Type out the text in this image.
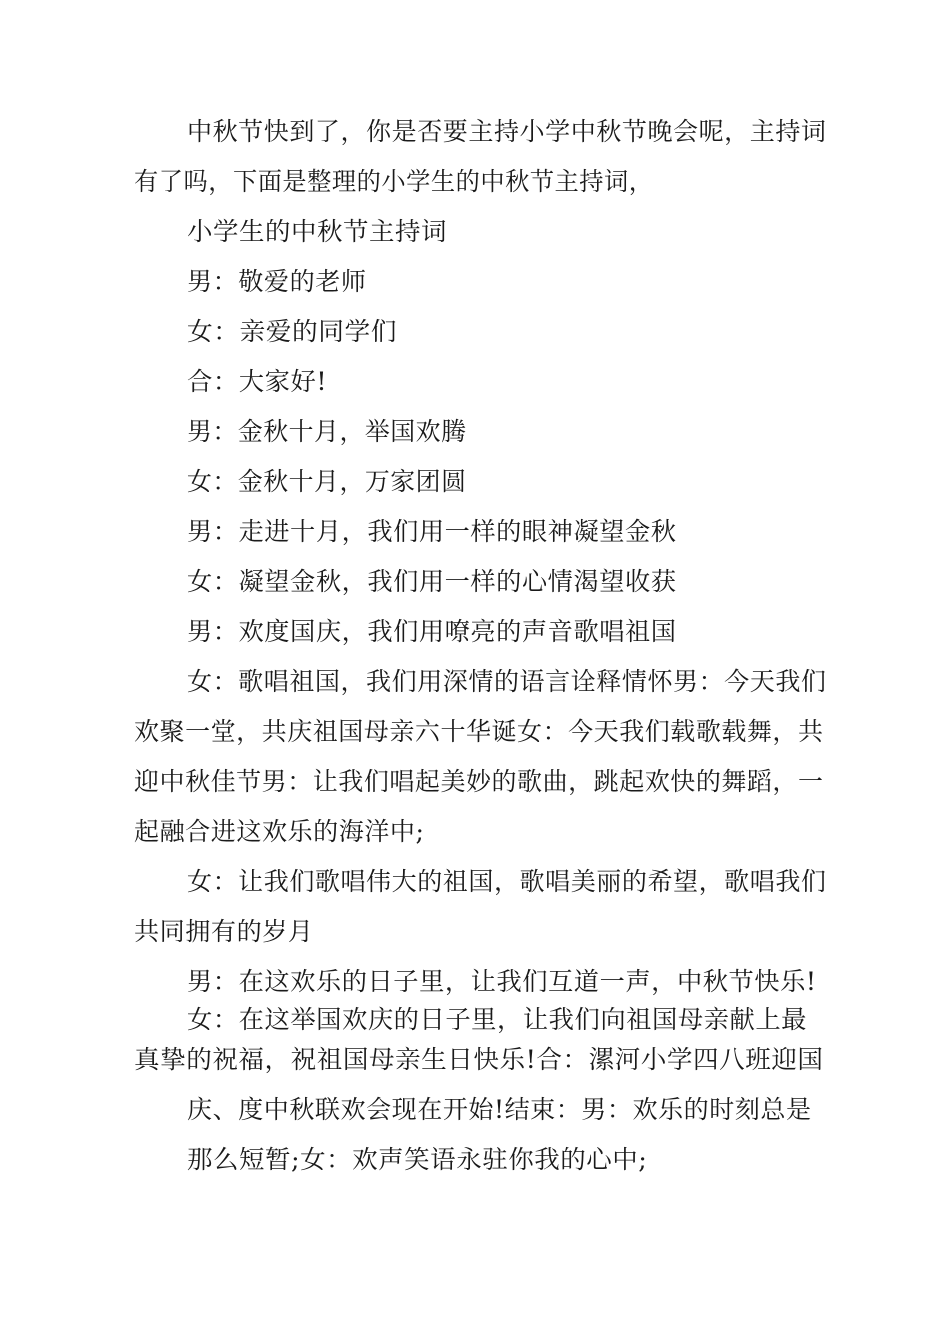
中秋节快到了，你是否要主持小学中秋节晚会呢，主持词
有了吗，下面是整理的小学生的中秋节主持词，
小学生的中秋节主持词
男：敬爱的老师
女：亲爱的同学们
合：大家好!
男：金秋十月，举国欢腾
女：金秋十月，万家团圆
男：走进十月，我们用一样的眼神凝望金秋
女：凝望金秋，我们用一样的心情渴望收获
男：欢度国庆，我们用嘹亮的声音歌唱祖国
女：歌唱祖国，我们用深情的语言诠释情怀男：今天我们
欢聚一堂，共庆祖国母亲六十华诞女：今天我们载歌载舞，共
迎中秋佳节男：让我们唱起美妙的歌曲，跳起欢快的舞蹈，一
起融合进这欢乐的海洋中;
女：让我们歌唱伟大的祖国，歌唱美丽的希望，歌唱我们
共同拥有的岁月
男：在这欢乐的日子里，让我们互道一声，中秋节快乐!
女：在这举国欢庆的日子里，让我们向祖国母亲献上最
真挚的祝福，祝祖国母亲生日快乐!合：漯河小学四八班迎国
庆、度中秋联欢会现在开始!结束：男：欢乐的时刻总是
那么短暂;女：欢声笑语永驻你我的心中;
